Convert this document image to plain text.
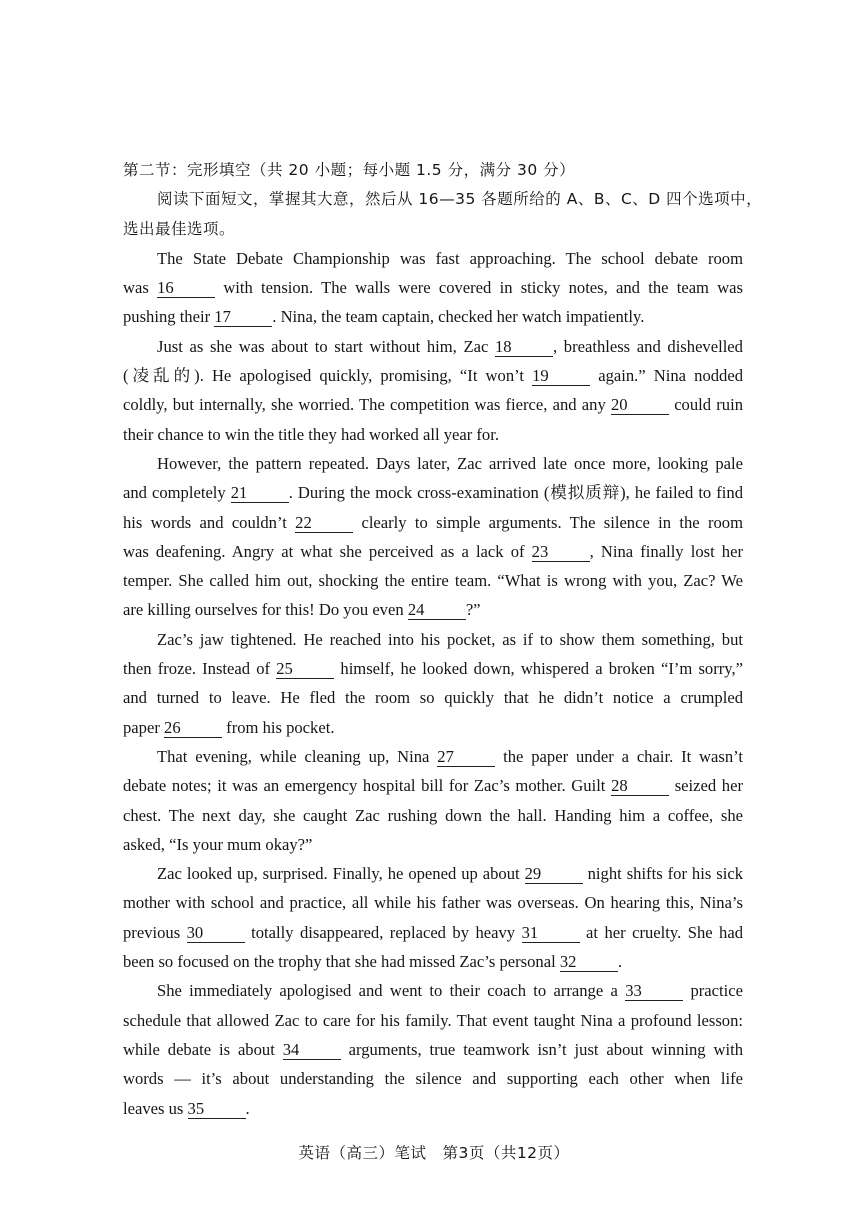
第二节：完形填空（共 20 小题；每小题 1.5 分，满分 30 分）
阅读下面短文，掌握其大意，然后从 16—35 各题所给的 A、B、C、D 四个选项中，
选出最佳选项。
The State Debate Championship was fast approaching. The school debate room
was 16	with tension. The walls were covered in sticky notes, and the team was
pushing their 17 . Nina, the team captain, checked her watch impatiently.
Just as she was about to start without him, Zac 18 , breathless and dishevelled
(凌乱的). He apologised quickly, promising, “It won’t 19	again.” Nina nodded
coldly, but internally, she worried. The competition was fierce, and any 20	could ruin
their chance to win the title they had worked all year for.
However, the pattern repeated. Days later, Zac arrived late once more, looking pale
and completely 21 . During the mock cross-examination (模拟质辩), he failed to find
his words and couldn’t 22	clearly to simple arguments. The silence in the room
was deafening. Angry at what she perceived as a lack of 23 , Nina finally lost her
temper. She called him out, shocking the entire team. “What is wrong with you, Zac? We
are killing ourselves for this! Do you even 24 ?”
Zac’s jaw tightened. He reached into his pocket, as if to show them something, but
then froze. Instead of 25	himself, he looked down, whispered a broken “I’m sorry,”
and turned to leave. He fled the room so quickly that he didn’t notice a crumpled
paper 26	from his pocket.
That evening, while cleaning up, Nina 27	the paper under a chair. It wasn’t
debate notes; it was an emergency hospital bill for Zac’s mother. Guilt 28	seized her
chest. The next day, she caught Zac rushing down the hall. Handing him a coffee, she
asked, “Is your mum okay?”
Zac looked up, surprised. Finally, he opened up about 29	night shifts for his sick
mother with school and practice, all while his father was overseas. On hearing this, Nina’s
previous 30	totally disappeared, replaced by heavy 31	at her cruelty. She had
been so focused on the trophy that she had missed Zac’s personal 32 .
She immediately apologised and went to their coach to arrange a 33	practice
schedule that allowed Zac to care for his family. That event taught Nina a profound lesson:
while debate is about 34	arguments, true teamwork isn’t just about winning with
words — it’s about understanding the silence and supporting each other when life
leaves us 35 .
英语（高三）笔试　第3页（共12页）
